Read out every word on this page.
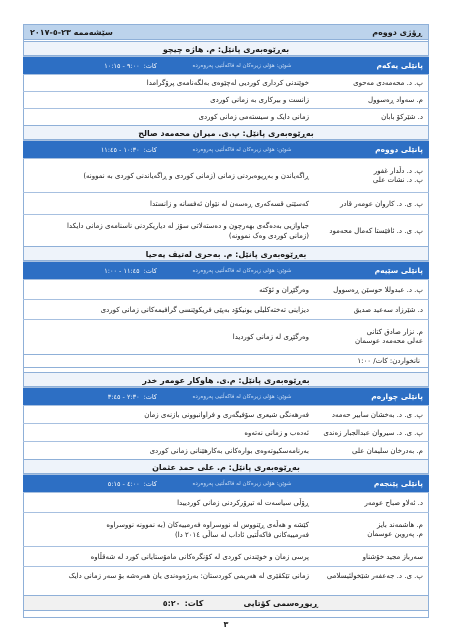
ڕۆژی دووەم
سێشەممە ٢٣-٥-٢٠١٧
بەڕێوەبەری پانێل: م. هاژە چیچو
پانێلی یەکەم
شوێن: هۆلی زیرەکان لە فاکەڵتیی پەروەردە
کات:
٩:٠٠ - ١٠:١٥
پ. د. محەمەدی مەحوی
خوێندنی کرداری کوردیی لەچێوەی بەلگەنامەی پرۆگرامدا
م. سەواد ڕەسوول
زانست و بیرکاری بە زمانی کوردی
د. شێرکۆ بابان
زمانی دایک و سیستەمی زمانی کوردی
بەڕێوەبەری پانێل: پ.ی. میران محەمەد صالح
پانێلی دووەم
شوێن: هۆلی زیرەکان لە فاکەڵتیی پەروەردە
کات:
١٠:٣٠ - ١١:٤٥
پ. د. دڵدار غفور
پ. د. نشات علی
ڕاگەیاندن و بەڕیوەبردنی زمانی (زمانی کوردی و ڕاگەیاندنی کوردی بە نموونە)
پ. ی. د. کاروان عومەر قادر
کەسێتی قسەکەری ڕەسەن لە نێوان ئەفسانە و زانستدا
پ. ی. د. ئافێستا کەمال محەمود
جیاوازیی بەدەگەی بهەرچون و دەستەلاتی سۆز لە دیاریکردنی ناسنامەی زمانی دایکدا
(زمانی کوردی وەک نموونە)
بەڕێوەبەری پانێل: م. بەحری لەتیف یەحیا
پانێلی سێیەم
شوێن: هۆلی زیرەکان لە فاکەڵتیی پەروەردە
کات:
١١:٤٥ - ١:٠٠
پ. د. عبدوللا حوسێن ڕەسوول
وەرگێڕان و ئۆکتە
د. شێرزاد سەعید صدیق
دیزاینی تەختەکلیلی یونیکۆد بەپێی فریکوێنسی گرافیمەکانی زمانی کوردی
م. نزار صادق کتانی
عەلی محەمەد عوسمان
وەرگێڕی لە زمانی کوردیدا
نانخواردن: کات/ ١:٠٠
بەڕێوەبەری پانێل: م.ی. هاوکار عومەر خدر
پانێلی چوارەم
شوێن: هۆلی زیرەکان لە فاکەڵتیی پەروەردە
کات:
٢:٣٠ - ٣:٤٥
پ. ی. د. بەخشان سابیر حەمەد
فەرهەنگی شیعری سۆفیگەری و فراوانبوونی بازنەی زمان
پ. ی. د. سیروان عبدالجبار زەندی
ئەدەب و زمانی نەتەوە
م. بەدرخان سلیمان علی
بەرنامەسکیوتەوەی بوارەکانی بەکارهێنانی زمانی کوردی
بەڕێوەبەری پانێل: م. علی حمد عثمان
پانێلی پێنجەم
شوێن: هۆلی زیرەکان لە فاکەڵتیی پەروەردە
کات:
٤:٠٠ - ٥:١٥
د. ئەلاو صباح عومەر
ڕۆڵی سیاسەت لە تیرۆرکردنی زمانی کوردییدا
م. هاشمەند بایز
م. پەروین عوسمان
کێشە و هەڵەی ڕێنووس لە نووسراوە فەرمییەکان (بە نموونە نووسراوە
فەرمییەکانی فاکەڵتیی ئاداب لە ساڵی ٢٠١٤ دا)
سەرباز مجید خۆشناو
پرسی زمان و خوێندنی کوردی لە کۆنگرەکانی مامۆستایانی کورد لە شەقڵاوە
پ. ی. د. جەعفەر شێخولئیسلامی
زمانی تێکڤێری لە هەریمی کوردستان: بەرژەوەندی یان هەرەشە بۆ سەر زمانی دایک
ڕیوڕەسمی کۆتایی
کات:
٥:٢٠
٣
